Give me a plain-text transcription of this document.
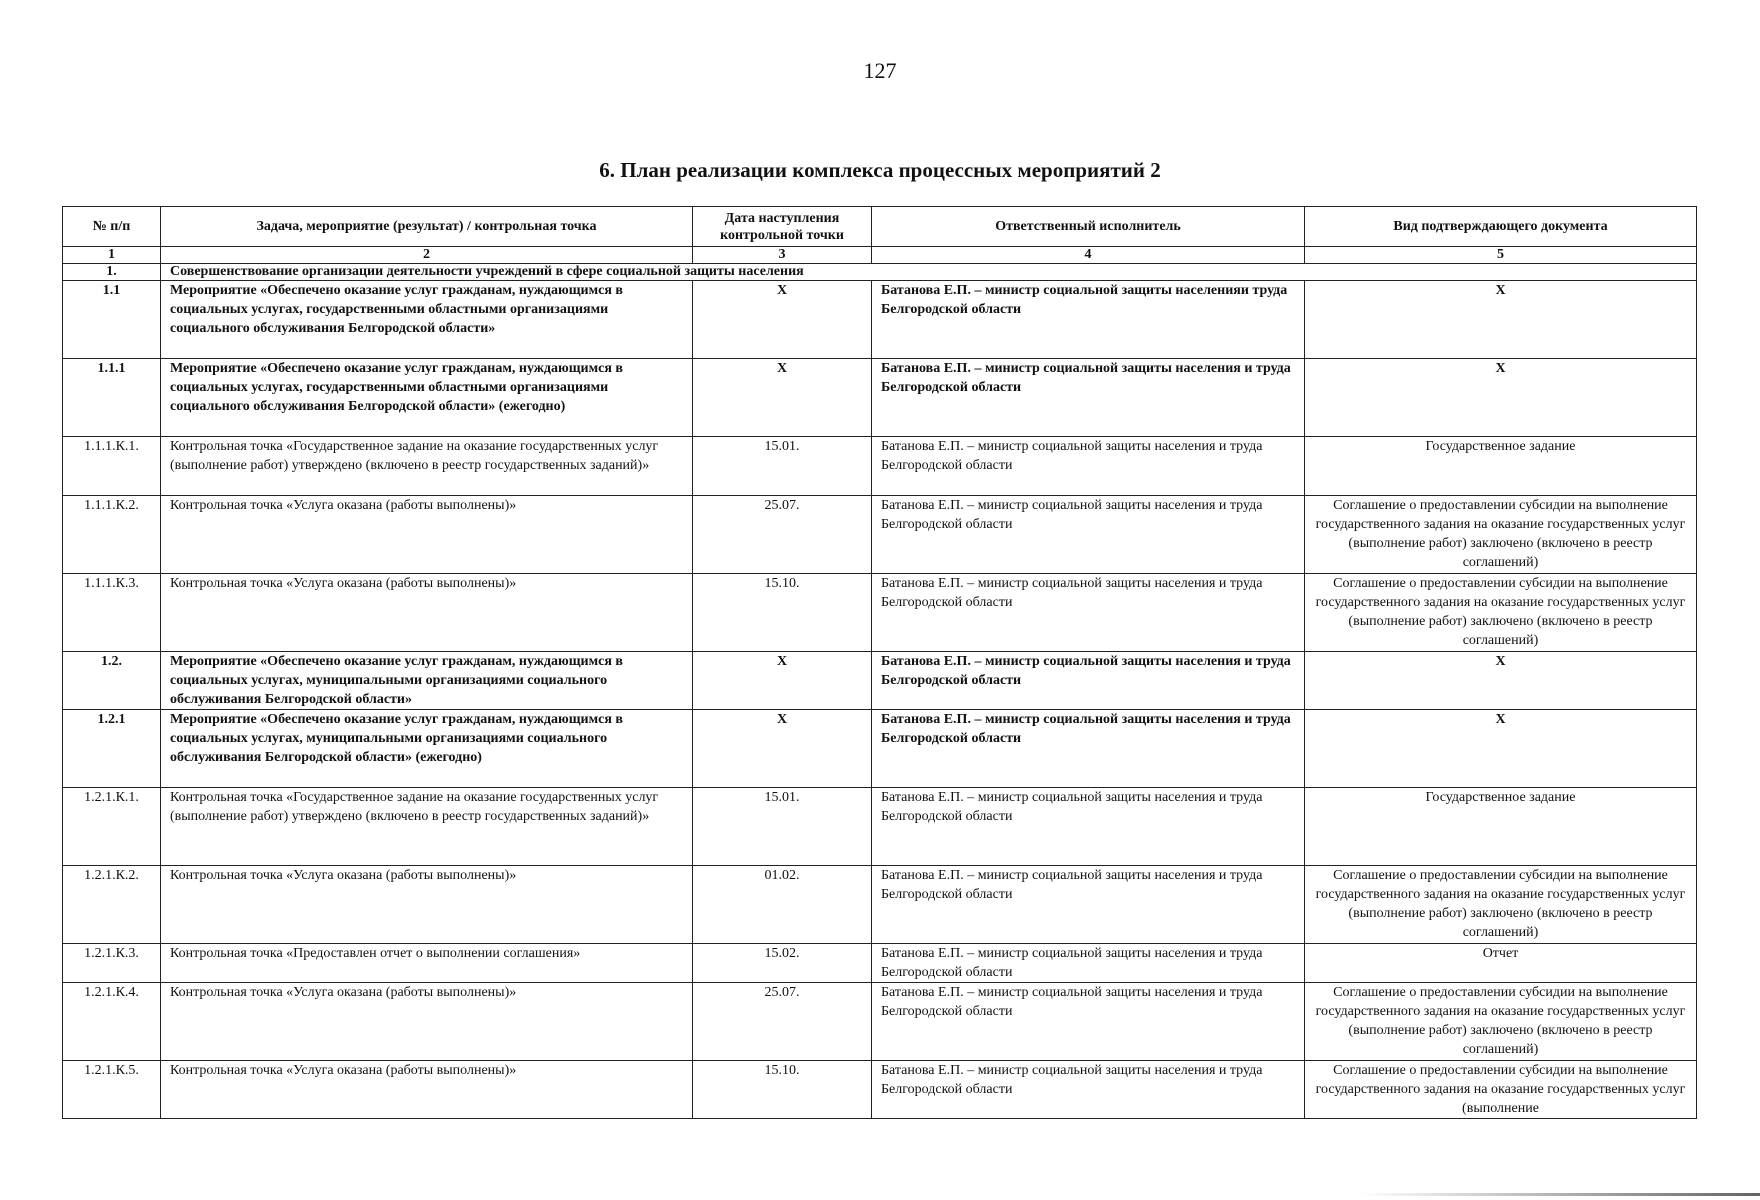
127
6. План реализации комплекса процессных мероприятий 2
№ п/п	Задача, мероприятие (результат) / контрольная точка	Дата наступления контрольной точки	Ответственный исполнитель	Вид подтверждающего документа
1	2	3	4	5
1.	Совершенствование организации деятельности учреждений в сфере социальной защиты населения			
1.1	Мероприятие «Обеспечено оказание услуг гражданам, нуждающимся в социальных услугах, государственными областными организациями социального обслуживания Белгородской области»	X	Батанова Е.П. – министр социальной защиты населенияи труда Белгородской области	X
1.1.1	Мероприятие «Обеспечено оказание услуг гражданам, нуждающимся в социальных услугах, государственными областными организациями социального обслуживания Белгородской области» (ежегодно)	X	Батанова Е.П. – министр социальной защиты населения и труда Белгородской области	X
1.1.1.К.1.	Контрольная точка «Государственное задание на оказание государственных услуг (выполнение работ) утверждено (включено в реестр государственных заданий)»	15.01.	Батанова Е.П. – министр социальной защиты населения и труда Белгородской области	Государственное задание
1.1.1.К.2.	Контрольная точка «Услуга оказана (работы выполнены)»	25.07.	Батанова Е.П. – министр социальной защиты населения и труда Белгородской области	Соглашение о предоставлении субсидии на выполнение государственного задания на оказание государственных услуг (выполнение работ) заключено (включено в реестр соглашений)
1.1.1.К.3.	Контрольная точка «Услуга оказана (работы выполнены)»	15.10.	Батанова Е.П. – министр социальной защиты населения и труда Белгородской области	Соглашение о предоставлении субсидии на выполнение государственного задания на оказание государственных услуг (выполнение работ) заключено (включено в реестр соглашений)
1.2.	Мероприятие «Обеспечено оказание услуг гражданам, нуждающимся в социальных услугах, муниципальными организациями социального обслуживания Белгородской области»	X	Батанова Е.П. – министр социальной защиты населения и труда Белгородской области	X
1.2.1	Мероприятие «Обеспечено оказание услуг гражданам, нуждающимся в социальных услугах, муниципальными организациями социального обслуживания Белгородской области» (ежегодно)	X	Батанова Е.П. – министр социальной защиты населения и труда Белгородской области	X
1.2.1.К.1.	Контрольная точка «Государственное задание на оказание государственных услуг (выполнение работ) утверждено (включено в реестр государственных заданий)»	15.01.	Батанова Е.П. – министр социальной защиты населения и труда Белгородской области	Государственное задание
1.2.1.К.2.	Контрольная точка «Услуга оказана (работы выполнены)»	01.02.	Батанова Е.П. – министр социальной защиты населения и труда Белгородской области	Соглашение о предоставлении субсидии на выполнение государственного задания на оказание государственных услуг (выполнение работ) заключено (включено в реестр соглашений)
1.2.1.К.3.	Контрольная точка «Предоставлен отчет о выполнении соглашения»	15.02.	Батанова Е.П. – министр социальной защиты населения и труда Белгородской области	Отчет
1.2.1.К.4.	Контрольная точка «Услуга оказана (работы выполнены)»	25.07.	Батанова Е.П. – министр социальной защиты населения и труда Белгородской области	Соглашение о предоставлении субсидии на выполнение государственного задания на оказание государственных услуг (выполнение работ) заключено (включено в реестр соглашений)
1.2.1.К.5.	Контрольная точка «Услуга оказана (работы выполнены)»	15.10.	Батанова Е.П. – министр социальной защиты населения и труда Белгородской области	Соглашение о предоставлении субсидии на выполнение государственного задания на оказание государственных услуг (выполнение
